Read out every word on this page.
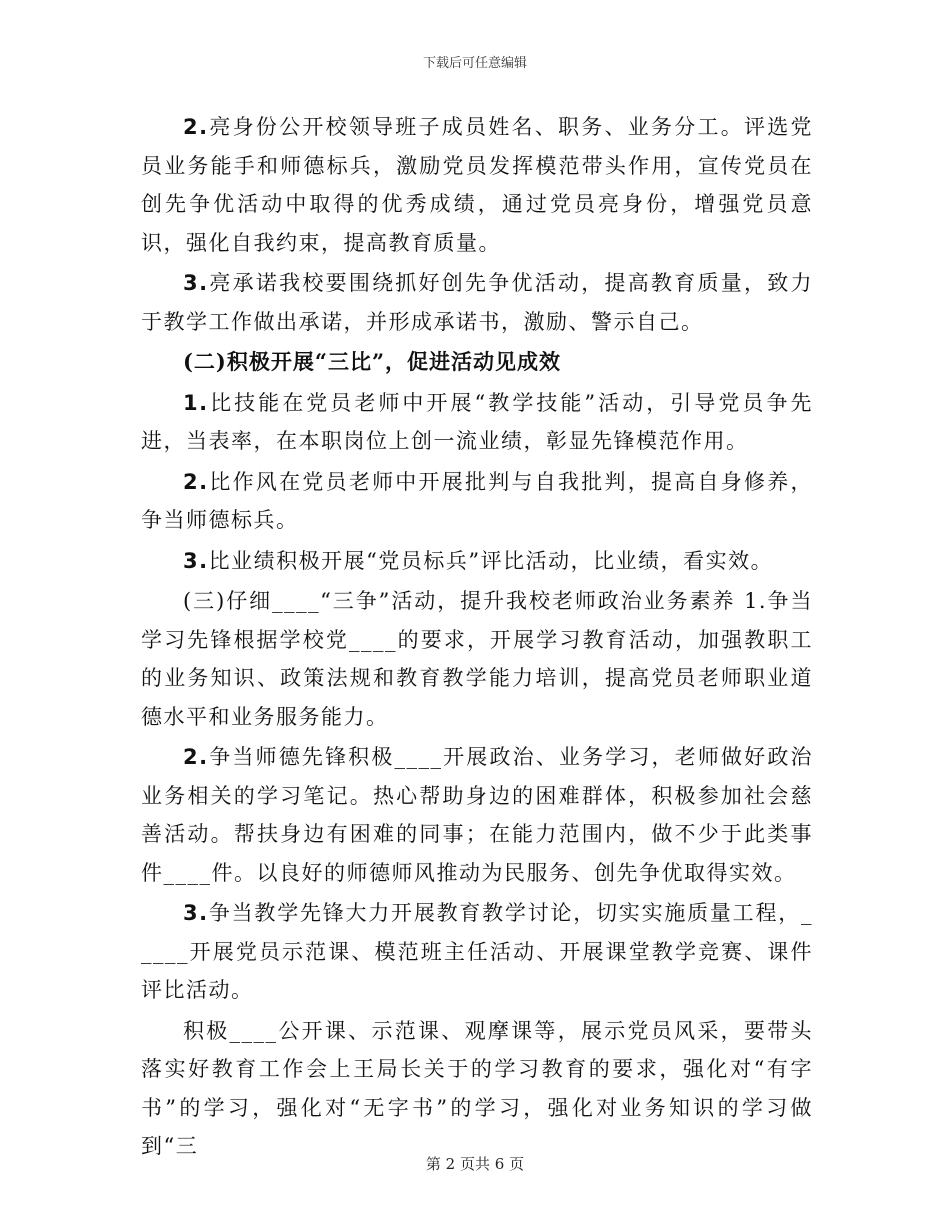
下载后可任意编辑

2.亮身份公开校领导班子成员姓名、职务、业务分工。评选党员业务能手和师德标兵，激励党员发挥模范带头作用，宣传党员在创先争优活动中取得的优秀成绩，通过党员亮身份，增强党员意识，强化自我约束，提高教育质量。

3.亮承诺我校要围绕抓好创先争优活动，提高教育质量，致力于教学工作做出承诺，并形成承诺书，激励、警示自己。

(二)积极开展“三比”，促进活动见成效

1.比技能在党员老师中开展“教学技能”活动，引导党员争先进，当表率，在本职岗位上创一流业绩，彰显先锋模范作用。

2.比作风在党员老师中开展批判与自我批判，提高自身修养，争当师德标兵。

3.比业绩积极开展“党员标兵”评比活动，比业绩，看实效。

(三)仔细____“三争”活动，提升我校老师政治业务素养 1.争当学习先锋根据学校党____的要求，开展学习教育活动，加强教职工的业务知识、政策法规和教育教学能力培训，提高党员老师职业道德水平和业务服务能力。

2.争当师德先锋积极____开展政治、业务学习，老师做好政治业务相关的学习笔记。热心帮助身边的困难群体，积极参加社会慈善活动。帮扶身边有困难的同事；在能力范围内，做不少于此类事件____件。以良好的师德师风推动为民服务、创先争优取得实效。

3.争当教学先锋大力开展教育教学讨论，切实实施质量工程，_____开展党员示范课、模范班主任活动、开展课堂教学竞赛、课件评比活动。

积极____公开课、示范课、观摩课等，展示党员风采，要带头落实好教育工作会上王局长关于的学习教育的要求，强化对“有字书”的学习，强化对“无字书”的学习，强化对业务知识的学习做到“三

第 2 页共 6 页
